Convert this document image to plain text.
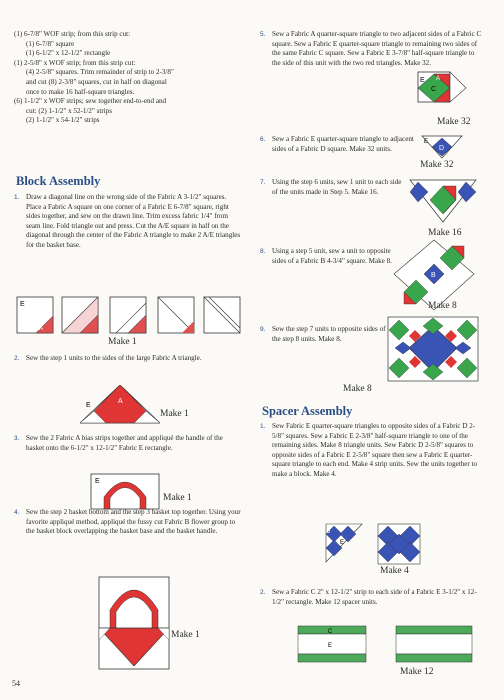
(1) 6-7/8" WOF strip; from this strip cut:
(1) 6-7/8" square
(1) 6-1/2" x 12-1/2" rectangle
(1) 2-5/8" x WOF strip; from this strip cut:
(4) 2-5/8" squares. Trim remainder of strip to 2-3/8"
and cut (8) 2-3/8" squares, cut in half on diagonal
once to make 16 half-square triangles.
(6) 1-1/2" x WOF strips; sew together end-to-end and
cut: (2) 1-1/2" x 52-1/2" strips
(2) 1-1/2" x 54-1/2" strips
Block Assembly
1. Draw a diagonal line on the wrong side of the Fabric A 3-1/2" squares. Place a Fabric A square on one corner of a Fabric E 6-7/8" square, right sides together, and sew on the drawn line. Trim excess fabric 1/4" from seam line. Fold triangle out and press. Cut the A/E square in half on the diagonal through the center of the Fabric A triangle to make 2 A/E triangles for the basket base.
E
A
Make 1
2. Sew the step 1 units to the sides of the large Fabric A triangle.
A
E
Make 1
3. Sew the 2 Fabric A bias strips together and appliqué the handle of the basket onto the 6-1/2" x 12-1/2" Fabric E rectangle.
E
Make 1
4. Sew the step 2 basket bottom and the step 3 basket top together. Using your favorite appliqué method, appliqué the fussy cut Fabric B flower group to the basket block overlapping the basket base and the basket handle.
Make 1
5. Sew a Fabric A quarter-square triangle to two adjacent sides of a Fabric C square. Sew a Fabric E quarter-square triangle to remaining two sides of the same Fabric C square. Sew a Fabric E 3-7/8" half-square triangle to the side of this unit with the two red triangles. Make 32.
E A
C
Make 32
6. Sew a Fabric E quarter-square triangle to adjacent sides of a Fabric D square. Make 32 units.
E
D
Make 32
7. Using the step 6 units, sew 1 unit to each side of the units made in Step 5. Make 16.
Make 16
8. Using a step 5 unit, sew a unit to opposite sides of a Fabric B 4-3/4" square. Make 8.
B
Make 8
9. Sew the step 7 units to opposite sides of the step 8 units. Make 8.
Make 8
Spacer Assembly
1. Sew Fabric E quarter-square triangles to opposite sides of a Fabric D 2-5/8" squares. Sew a Fabric E 2-3/8" half-square triangle to one of the remaining sides. Make 8 triangle units. Sew Fabric D 2-5/8" squares to opposite sides of a Fabric E 2-5/8" square then sew a Fabric E quarter-square triangle to each end. Make 4 strip units. Sew the units together to make a block. Make 4.
D
E
Make 4
2. Sew a Fabric C 2" x 12-1/2" strip to each side of a Fabric E 3-1/2" x 12-1/2" rectangle. Make 12 spacer units.
C
E
Make 12
54
